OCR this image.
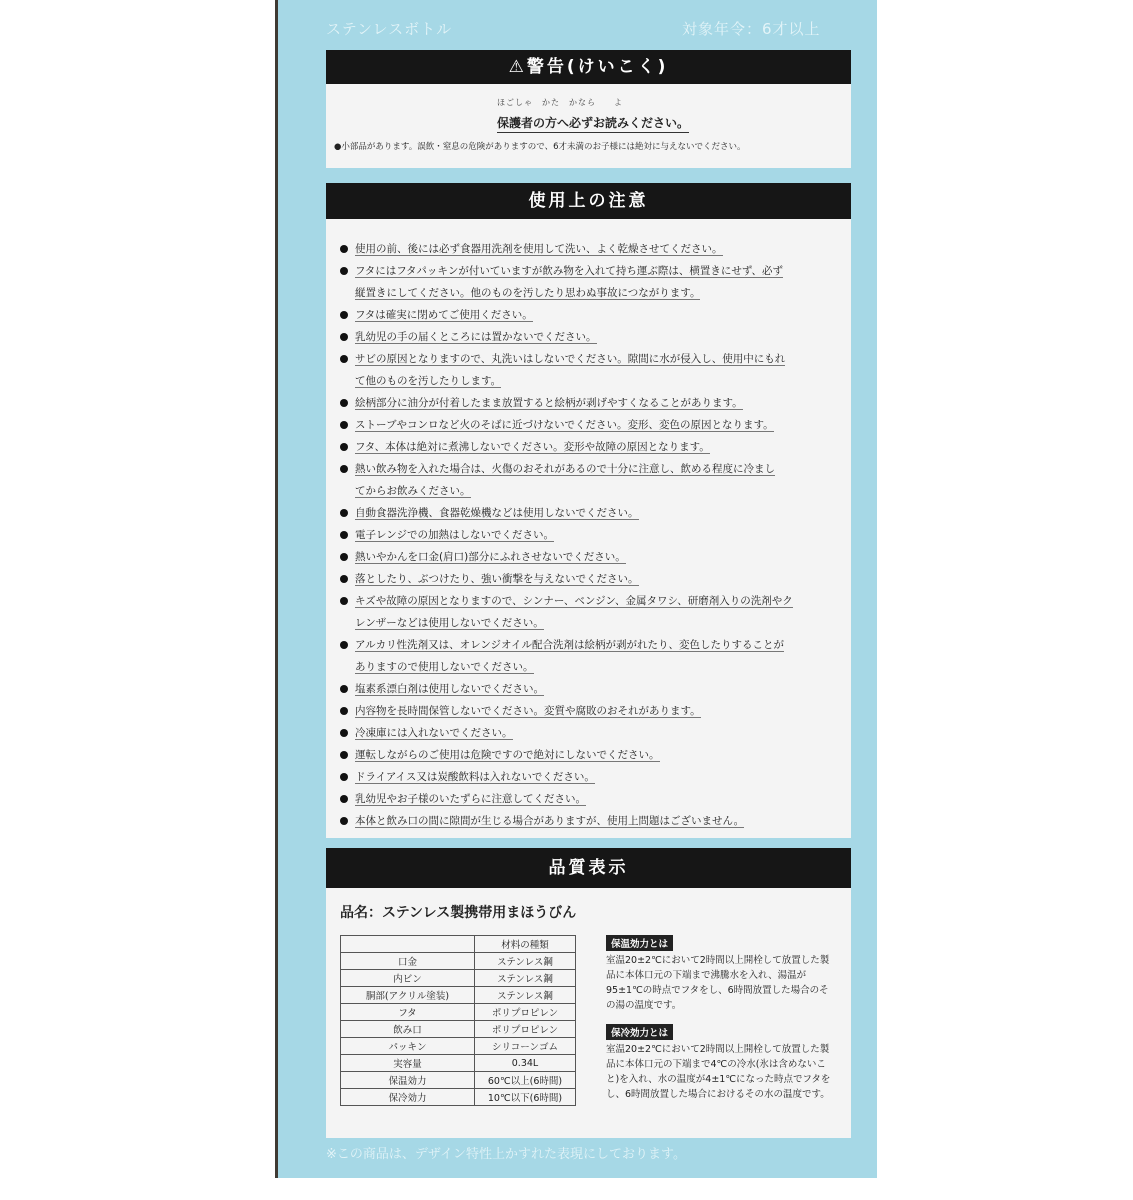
ステンレスボトル	対象年令：6才以上
⚠警告(けいこく)
ほごしゃ　かた　かなら　　よ
保護者の方へ必ずお読みください。
●小部品があります。誤飲・窒息の危険がありますので、6才未満のお子様には絶対に与えないでください。
使用上の注意
使用の前、後には必ず食器用洗剤を使用して洗い、よく乾燥させてください。
フタにはフタパッキンが付いていますが飲み物を入れて持ち運ぶ際は、横置きにせず、必ず
縦置きにしてください。他のものを汚したり思わぬ事故につながります。
フタは確実に閉めてご使用ください。
乳幼児の手の届くところには置かないでください。
サビの原因となりますので、丸洗いはしないでください。隙間に水が侵入し、使用中にもれ
て他のものを汚したりします。
絵柄部分に油分が付着したまま放置すると絵柄が剥げやすくなることがあります。
ストーブやコンロなど火のそばに近づけないでください。変形、変色の原因となります。
フタ、本体は絶対に煮沸しないでください。変形や故障の原因となります。
熱い飲み物を入れた場合は、火傷のおそれがあるので十分に注意し、飲める程度に冷まし
てからお飲みください。
自動食器洗浄機、食器乾燥機などは使用しないでください。
電子レンジでの加熱はしないでください。
熱いやかんを口金(肩口)部分にふれさせないでください。
落としたり、ぶつけたり、強い衝撃を与えないでください。
キズや故障の原因となりますので、シンナー、ベンジン、金属タワシ、研磨剤入りの洗剤やク
レンザーなどは使用しないでください。
アルカリ性洗剤又は、オレンジオイル配合洗剤は絵柄が剥がれたり、変色したりすることが
ありますので使用しないでください。
塩素系漂白剤は使用しないでください。
内容物を長時間保管しないでください。変質や腐敗のおそれがあります。
冷凍庫には入れないでください。
運転しながらのご使用は危険ですので絶対にしないでください。
ドライアイス又は炭酸飲料は入れないでください。
乳幼児やお子様のいたずらに注意してください。
本体と飲み口の間に隙間が生じる場合がありますが、使用上問題はございません。
品質表示
品名：ステンレス製携帯用まほうびん
	材料の種類
口金	ステンレス鋼
内ビン	ステンレス鋼
胴部(アクリル塗装)	ステンレス鋼
フタ	ポリプロピレン
飲み口	ポリプロピレン
パッキン	シリコーンゴム
実容量	0.34L
保温効力	60℃以上(6時間)
保冷効力	10℃以下(6時間)
保温効力とは
室温20±2℃において2時間以上開栓して放置した製品に本体口元の下端まで沸騰水を入れ、湯温が95±1℃の時点でフタをし、6時間放置した場合のその湯の温度です。
保冷効力とは
室温20±2℃において2時間以上開栓して放置した製品に本体口元の下端まで4℃の冷水(氷は含めないこと)を入れ、水の温度が4±1℃になった時点でフタをし、6時間放置した場合におけるその水の温度です。
※この商品は、デザイン特性上かすれた表現にしております。
